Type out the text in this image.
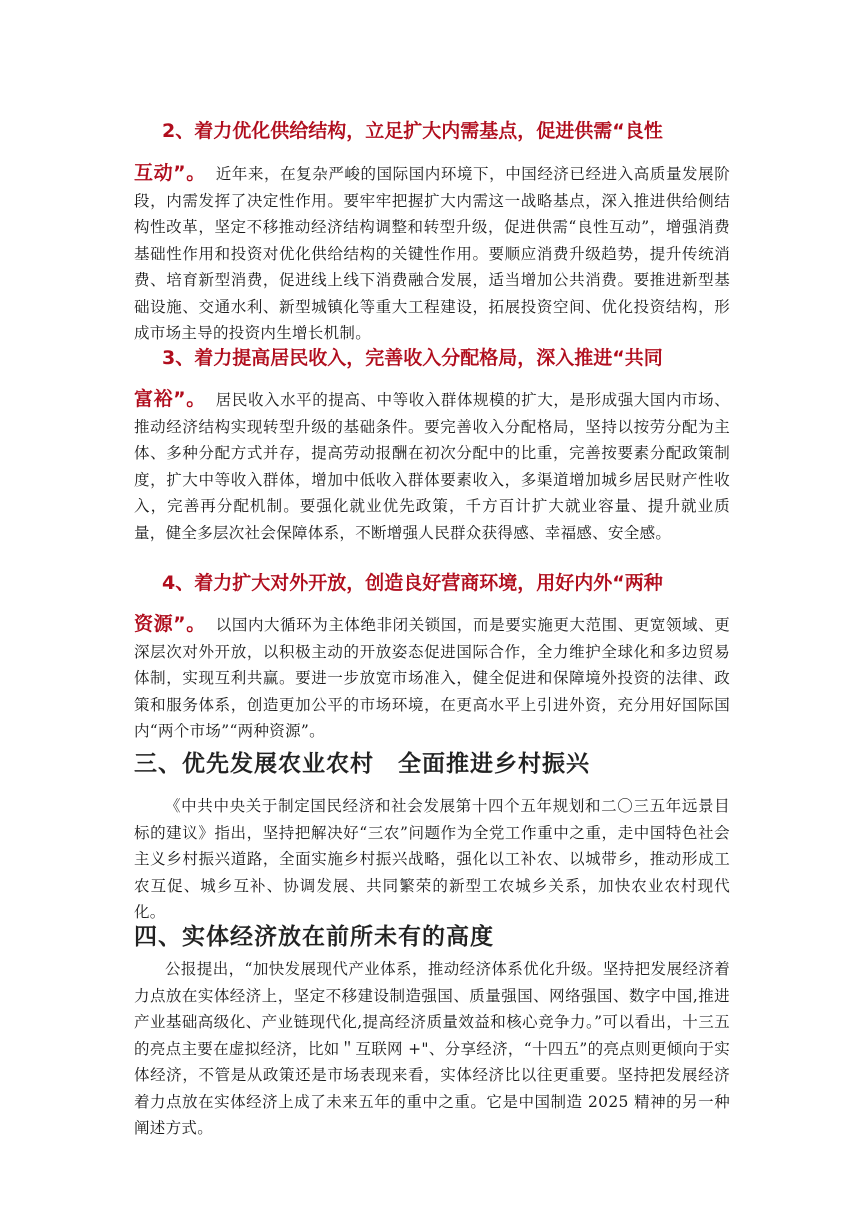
2、着力优化供给结构，立足扩大内需基点，促进供需“良性
互动”。 近年来，在复杂严峻的国际国内环境下，中国经济已经进入高质量发展阶段，内需发挥了决定性作用。要牢牢把握扩大内需这一战略基点，深入推进供给侧结构性改革，坚定不移推动经济结构调整和转型升级，促进供需“良性互动”，增强消费基础性作用和投资对优化供给结构的关键性作用。要顺应消费升级趋势，提升传统消费、培育新型消费，促进线上线下消费融合发展，适当增加公共消费。要推进新型基础设施、交通水利、新型城镇化等重大工程建设，拓展投资空间、优化投资结构，形成市场主导的投资内生增长机制。
3、着力提高居民收入，完善收入分配格局，深入推进“共同
富裕”。 居民收入水平的提高、中等收入群体规模的扩大，是形成强大国内市场、推动经济结构实现转型升级的基础条件。要完善收入分配格局，坚持以按劳分配为主体、多种分配方式并存，提高劳动报酬在初次分配中的比重，完善按要素分配政策制度，扩大中等收入群体，增加中低收入群体要素收入，多渠道增加城乡居民财产性收入，完善再分配机制。要强化就业优先政策，千方百计扩大就业容量、提升就业质量，健全多层次社会保障体系，不断增强人民群众获得感、幸福感、安全感。
4、着力扩大对外开放，创造良好营商环境，用好内外“两种
资源”。 以国内大循环为主体绝非闭关锁国，而是要实施更大范围、更宽领域、更深层次对外开放，以积极主动的开放姿态促进国际合作，全力维护全球化和多边贸易体制，实现互利共赢。要进一步放宽市场准入，健全促进和保障境外投资的法律、政策和服务体系，创造更加公平的市场环境，在更高水平上引进外资，充分用好国际国内“两个市场”“两种资源”。
三、优先发展农业农村　全面推进乡村振兴
《中共中央关于制定国民经济和社会发展第十四个五年规划和二〇三五年远景目标的建议》指出，坚持把解决好“三农”问题作为全党工作重中之重，走中国特色社会主义乡村振兴道路，全面实施乡村振兴战略，强化以工补农、以城带乡，推动形成工农互促、城乡互补、协调发展、共同繁荣的新型工农城乡关系，加快农业农村现代化。
四、实体经济放在前所未有的高度
公报提出，“加快发展现代产业体系，推动经济体系优化升级。坚持把发展经济着力点放在实体经济上，坚定不移建设制造强国、质量强国、网络强国、数字中国,推进产业基础高级化、产业链现代化,提高经济质量效益和核心竞争力。”可以看出，十三五的亮点主要在虚拟经济，比如＂互联网 +"、分享经济，“十四五”的亮点则更倾向于实体经济，不管是从政策还是市场表现来看，实体经济比以往更重要。坚持把发展经济着力点放在实体经济上成了未来五年的重中之重。它是中国制造 2025 精神的另一种阐述方式。
